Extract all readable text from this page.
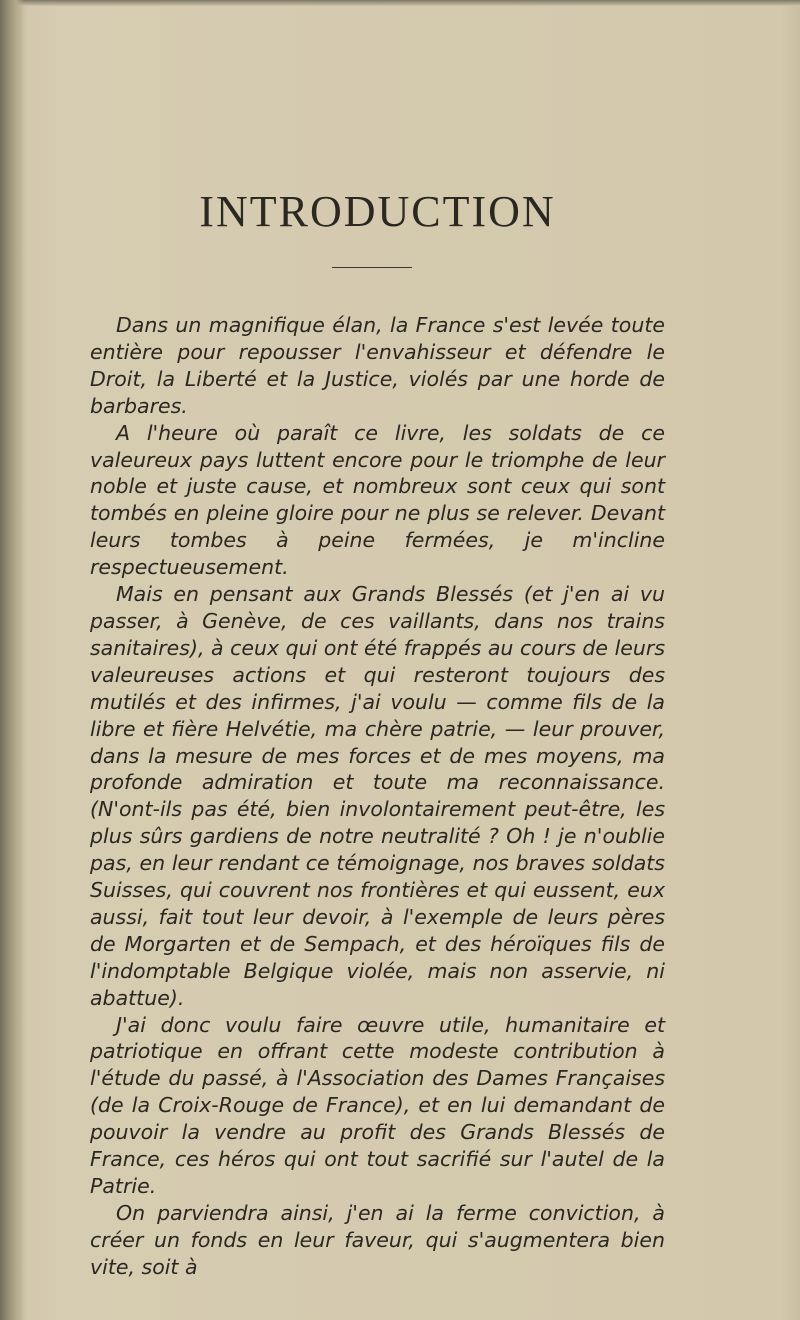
INTRODUCTION

Dans un magnifique élan, la France s'est levée toute entière pour repousser l'envahisseur et défendre le Droit, la Liberté et la Justice, violés par une horde de barbares.

A l'heure où paraît ce livre, les soldats de ce valeureux pays luttent encore pour le triomphe de leur noble et juste cause, et nombreux sont ceux qui sont tombés en pleine gloire pour ne plus se relever. Devant leurs tombes à peine fermées, je m'incline respectueusement.

Mais en pensant aux Grands Blessés (et j'en ai vu passer, à Genève, de ces vaillants, dans nos trains sanitaires), à ceux qui ont été frappés au cours de leurs valeureuses actions et qui resteront toujours des mutilés et des infirmes, j'ai voulu — comme fils de la libre et fière Helvétie, ma chère patrie, — leur prouver, dans la mesure de mes forces et de mes moyens, ma profonde admiration et toute ma reconnaissance. (N'ont-ils pas été, bien involontairement peut-être, les plus sûrs gardiens de notre neutralité ? Oh ! je n'oublie pas, en leur rendant ce témoignage, nos braves soldats Suisses, qui couvrent nos frontières et qui eussent, eux aussi, fait tout leur devoir, à l'exemple de leurs pères de Morgarten et de Sempach, et des héroïques fils de l'indomptable Belgique violée, mais non asservie, ni abattue).

J'ai donc voulu faire œuvre utile, humanitaire et patriotique en offrant cette modeste contribution à l'étude du passé, à l'Association des Dames Françaises (de la Croix-Rouge de France), et en lui demandant de pouvoir la vendre au profit des Grands Blessés de France, ces héros qui ont tout sacrifié sur l'autel de la Patrie.

On parviendra ainsi, j'en ai la ferme conviction, à créer un fonds en leur faveur, qui s'augmentera bien vite, soit à
